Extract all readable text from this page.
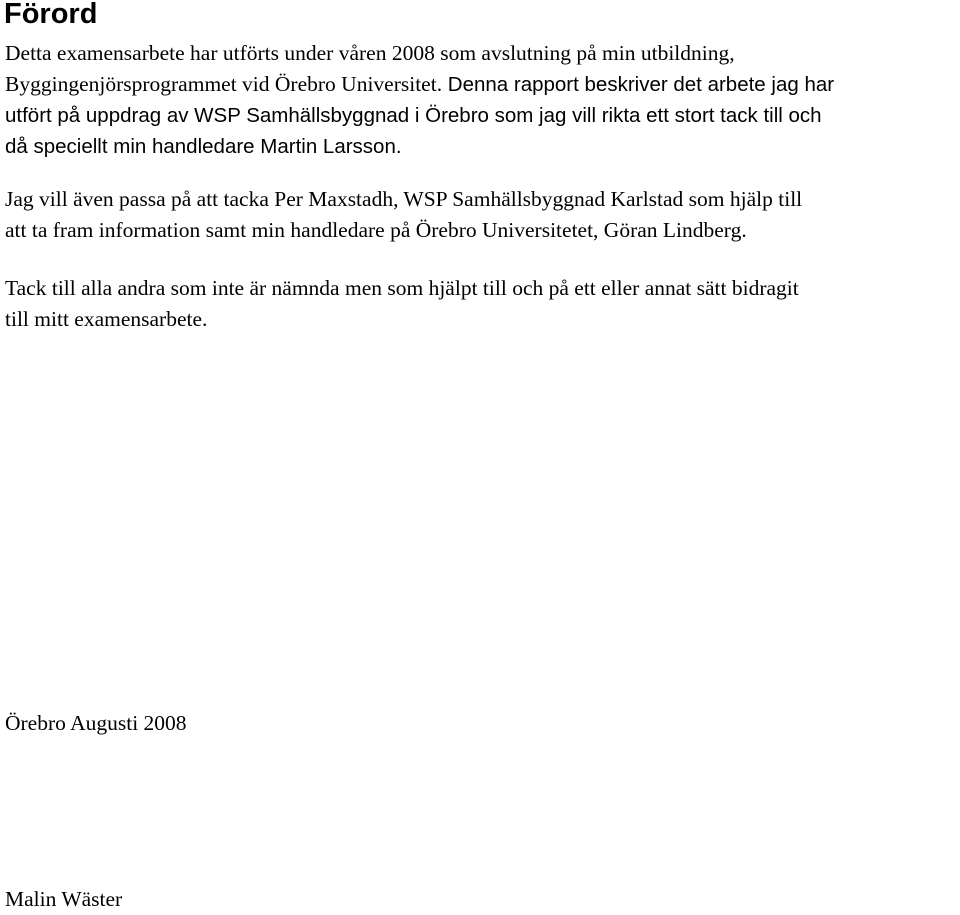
Förord

Detta examensarbete har utförts under våren 2008 som avslutning på min utbildning,
Byggingenjörsprogrammet vid Örebro Universitet. Denna rapport beskriver det arbete jag har
utfört på uppdrag av WSP Samhällsbyggnad i Örebro som jag vill rikta ett stort tack till och
då speciellt min handledare Martin Larsson.

Jag vill även passa på att tacka Per Maxstadh, WSP Samhällsbyggnad Karlstad som hjälp till
att ta fram information samt min handledare på Örebro Universitetet, Göran Lindberg.

Tack till alla andra som inte är nämnda men som hjälpt till och på ett eller annat sätt bidragit
till mitt examensarbete.

Örebro Augusti 2008

Malin Wäster
